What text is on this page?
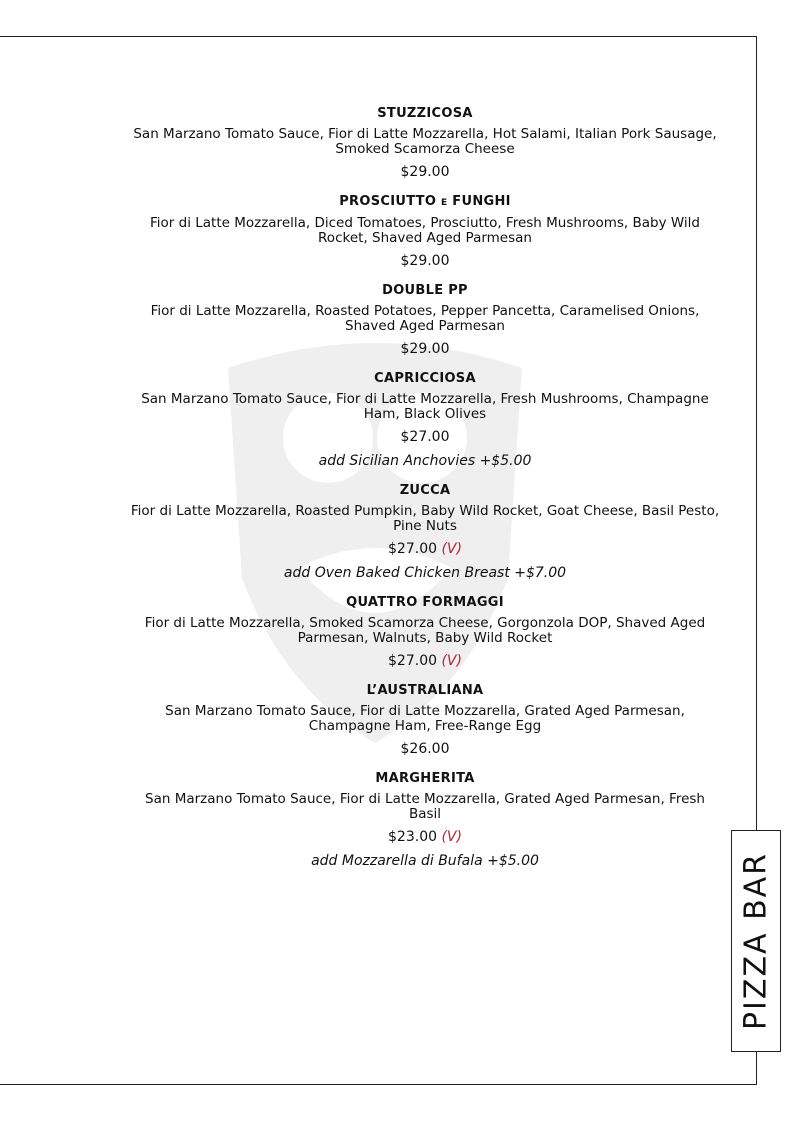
STUZZICOSA
San Marzano Tomato Sauce, Fior di Latte Mozzarella, Hot Salami, Italian Pork Sausage, Smoked Scamorza Cheese
$29.00
PROSCIUTTO E FUNGHI
Fior di Latte Mozzarella, Diced Tomatoes, Prosciutto, Fresh Mushrooms, Baby Wild Rocket, Shaved Aged Parmesan
$29.00
DOUBLE PP
Fior di Latte Mozzarella, Roasted Potatoes, Pepper Pancetta, Caramelised Onions, Shaved Aged Parmesan
$29.00
CAPRICCIOSA
San Marzano Tomato Sauce, Fior di Latte Mozzarella, Fresh Mushrooms, Champagne Ham, Black Olives
$27.00
add Sicilian Anchovies +$5.00
ZUCCA
Fior di Latte Mozzarella, Roasted Pumpkin, Baby Wild Rocket, Goat Cheese, Basil Pesto, Pine Nuts
$27.00 (V)
add Oven Baked Chicken Breast +$7.00
QUATTRO FORMAGGI
Fior di Latte Mozzarella, Smoked Scamorza Cheese, Gorgonzola DOP, Shaved Aged Parmesan, Walnuts, Baby Wild Rocket
$27.00 (V)
L’AUSTRALIANA
San Marzano Tomato Sauce, Fior di Latte Mozzarella, Grated Aged Parmesan, Champagne Ham, Free-Range Egg
$26.00
MARGHERITA
San Marzano Tomato Sauce, Fior di Latte Mozzarella, Grated Aged Parmesan, Fresh Basil
$23.00 (V)
add Mozzarella di Bufala +$5.00	PIZZA BAR
